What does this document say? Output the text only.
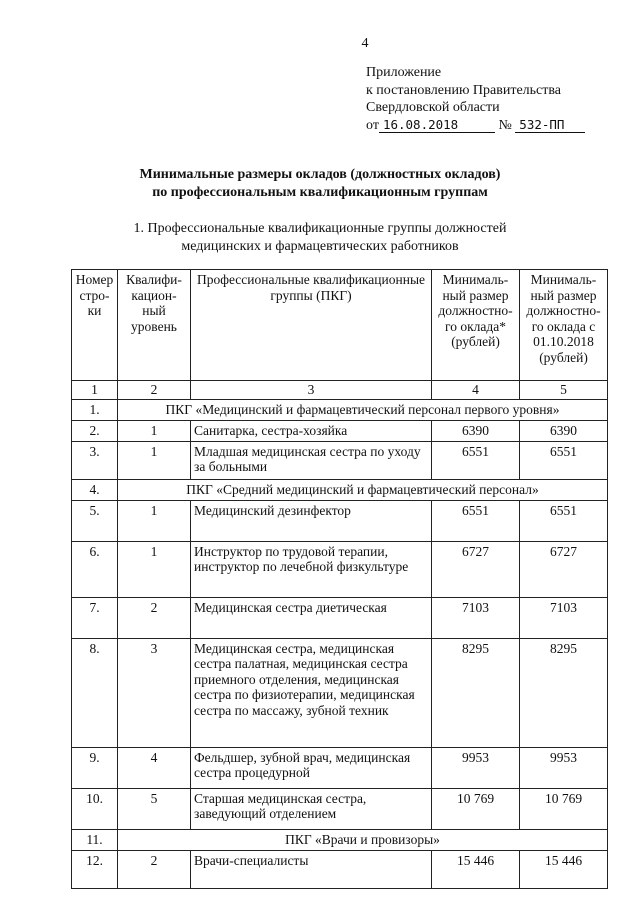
4
Приложение
к постановлению Правительства
Свердловской области
от 16.08.2018	№ 532-ПП
Минимальные размеры окладов (должностных окладов)
по профессиональным квалификационным группам
1. Профессиональные квалификационные группы должностей
медицинских и фармацевтических работников
Номер стро-ки	Квалифи-кацион-ный уровень	Профессиональные квалификационные группы (ПКГ)	Минималь-ный размер должностно-го оклада* (рублей)	Минималь-ный размер должностно-го оклада с 01.10.2018 (рублей)
1	2	3	4	5
1.	ПКГ «Медицинский и фармацевтический персонал первого уровня»			
2.	1	Санитарка, сестра-хозяйка	6390	6390
3.	1	Младшая медицинская сестра по уходу за больными	6551	6551
4.	ПКГ «Средний медицинский и фармацевтический персонал»			
5.	1	Медицинский дезинфектор	6551	6551
6.	1	Инструктор по трудовой терапии, инструктор по лечебной физкультуре	6727	6727
7.	2	Медицинская сестра диетическая	7103	7103
8.	3	Медицинская сестра, медицинская сестра палатная, медицинская сестра приемного отделения, медицинская сестра по физиотерапии, медицинская сестра по массажу, зубной техник	8295	8295
9.	4	Фельдшер, зубной врач, медицинская сестра процедурной	9953	9953
10.	5	Старшая медицинская сестра, заведующий отделением	10 769	10 769
11.	ПКГ «Врачи и провизоры»			
12.	2	Врачи-специалисты	15 446	15 446
